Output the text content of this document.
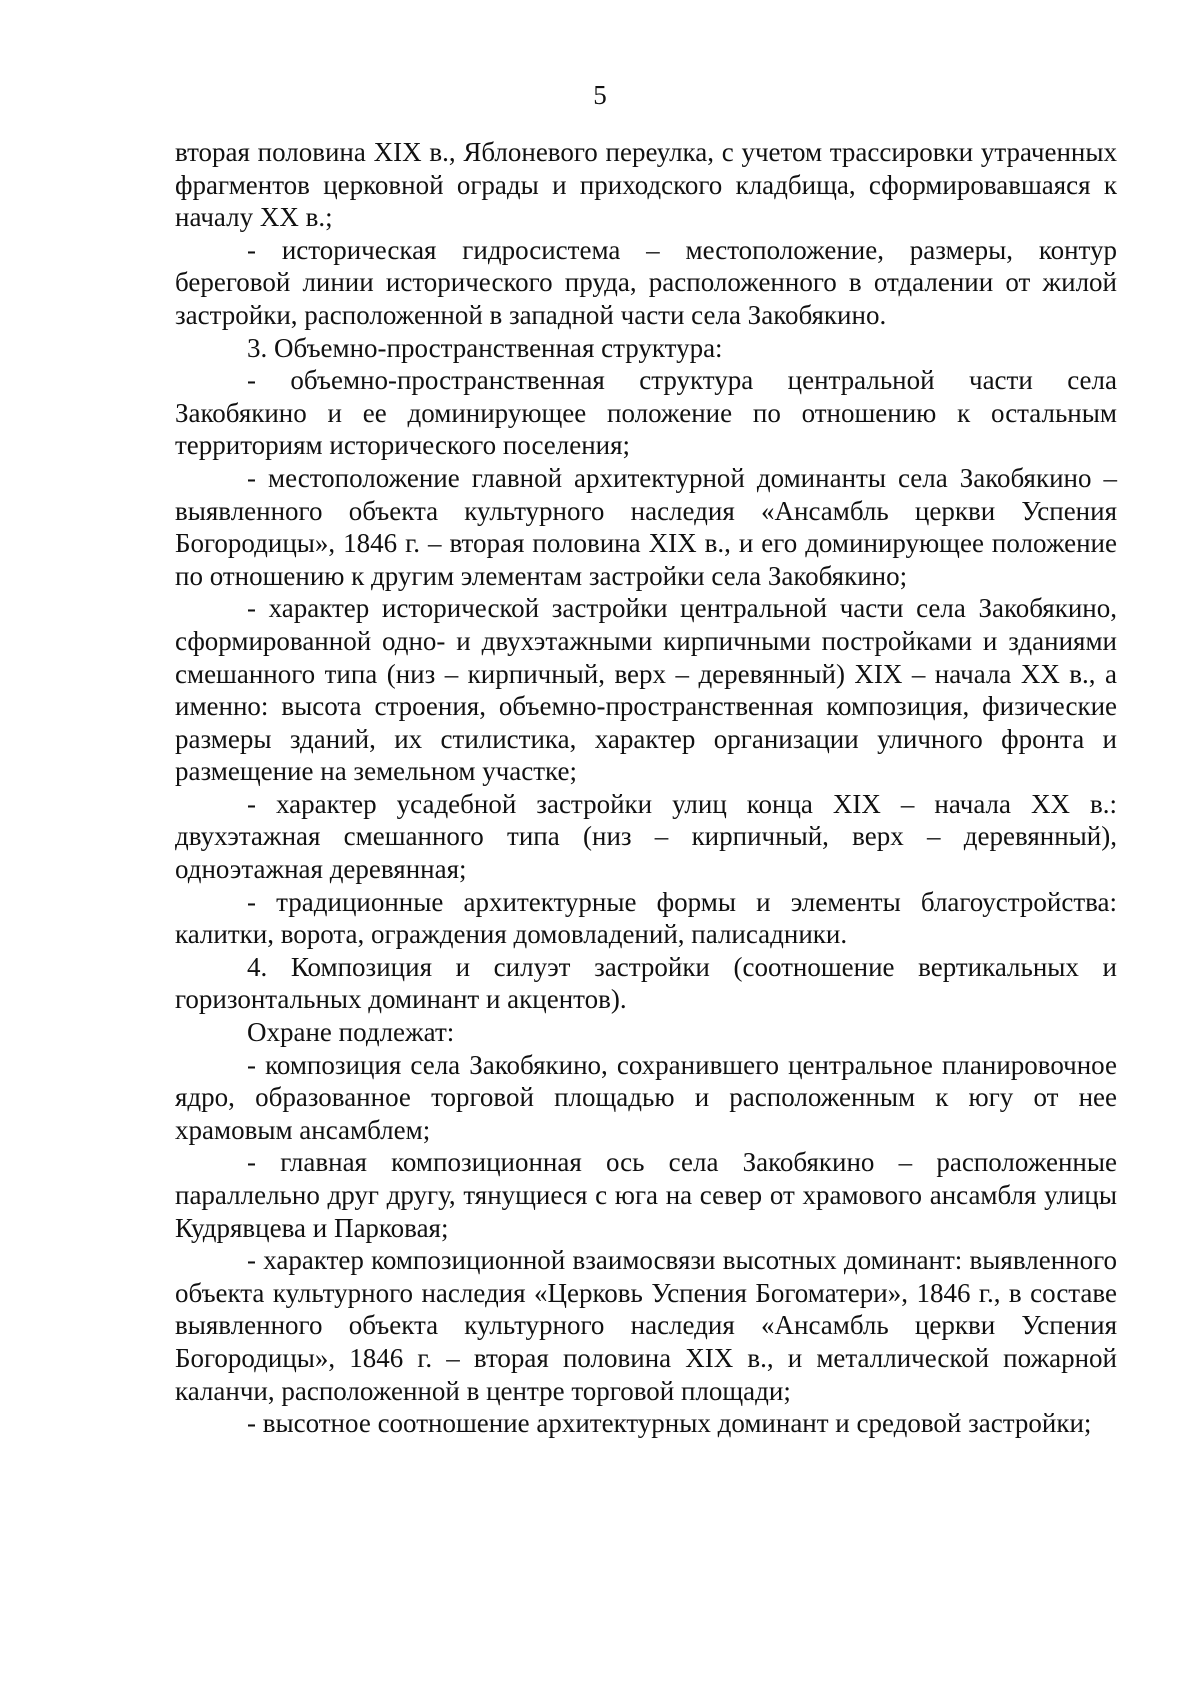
5

вторая половина XIX в., Яблоневого переулка, с учетом трассировки утраченных фрагментов церковной ограды и приходского кладбища, сформировавшаяся к началу XX в.;

- историческая гидросистема – местоположение, размеры, контур береговой линии исторического пруда, расположенного в отдалении от жилой застройки, расположенной в западной части села Закобякино.

3. Объемно-пространственная структура:

- объемно-пространственная структура центральной части села Закобякино и ее доминирующее положение по отношению к остальным территориям исторического поселения;

- местоположение главной архитектурной доминанты села Закобякино – выявленного объекта культурного наследия «Ансамбль церкви Успения Богородицы», 1846 г. – вторая половина XIX в., и его доминирующее положение по отношению к другим элементам застройки села Закобякино;

- характер исторической застройки центральной части села Закобякино, сформированной одно- и двухэтажными кирпичными постройками и зданиями смешанного типа (низ – кирпичный, верх – деревянный) XIX – начала XX в., а именно: высота строения, объемно-пространственная композиция, физические размеры зданий, их стилистика, характер организации уличного фронта и размещение на земельном участке;

- характер усадебной застройки улиц конца XIX – начала XX в.: двухэтажная смешанного типа (низ – кирпичный, верх – деревянный), одноэтажная деревянная;

- традиционные архитектурные формы и элементы благоустройства: калитки, ворота, ограждения домовладений, палисадники.

4. Композиция и силуэт застройки (соотношение вертикальных и горизонтальных доминант и акцентов).

Охране подлежат:

- композиция села Закобякино, сохранившего центральное планировочное ядро, образованное торговой площадью и расположенным к югу от нее храмовым ансамблем;

- главная композиционная ось села Закобякино – расположенные параллельно друг другу, тянущиеся с юга на север от храмового ансамбля улицы Кудрявцева и Парковая;

- характер композиционной взаимосвязи высотных доминант: выявленного объекта культурного наследия «Церковь Успения Богоматери», 1846 г., в составе выявленного объекта культурного наследия «Ансамбль церкви Успения Богородицы», 1846 г. – вторая половина XIX в., и металлической пожарной каланчи, расположенной в центре торговой площади;

- высотное соотношение архитектурных доминант и средовой застройки;
